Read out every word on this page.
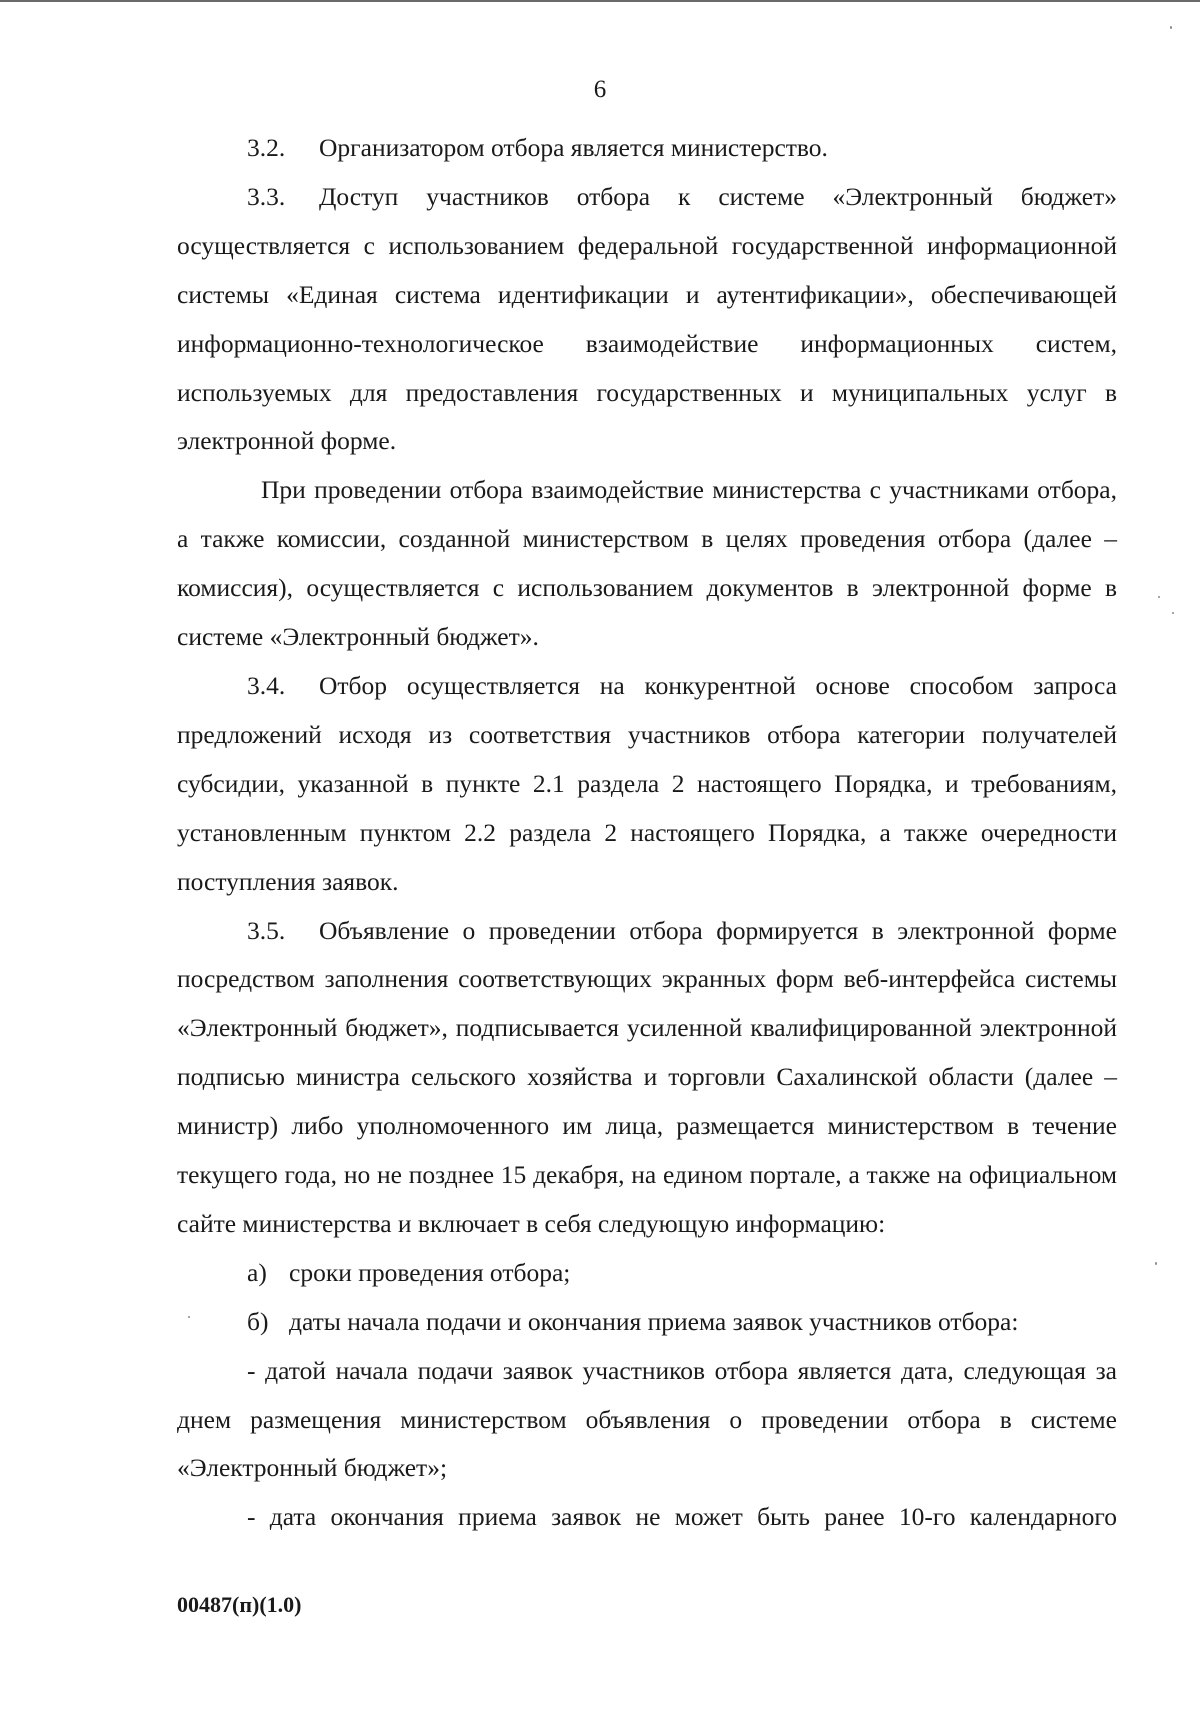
6

3.2. Организатором отбора является министерство.

3.3. Доступ участников отбора к системе «Электронный бюджет» осуществляется с использованием федеральной государственной информационной системы «Единая система идентификации и аутентификации», обеспечивающей информационно-технологическое взаимодействие информационных систем, используемых для предоставления государственных и муниципальных услуг в электронной форме.

При проведении отбора взаимодействие министерства с участниками отбора, а также комиссии, созданной министерством в целях проведения отбора (далее – комиссия), осуществляется с использованием документов в электронной форме в системе «Электронный бюджет».

3.4. Отбор осуществляется на конкурентной основе способом запроса предложений исходя из соответствия участников отбора категории получателей субсидии, указанной в пункте 2.1 раздела 2 настоящего Порядка, и требованиям, установленным пунктом 2.2 раздела 2 настоящего Порядка, а также очередности поступления заявок.

3.5. Объявление о проведении отбора формируется в электронной форме посредством заполнения соответствующих экранных форм веб-интерфейса системы «Электронный бюджет», подписывается усиленной квалифицированной электронной подписью министра сельского хозяйства и торговли Сахалинской области (далее – министр) либо уполномоченного им лица, размещается министерством в течение текущего года, но не позднее 15 декабря, на едином портале, а также на официальном сайте министерства и включает в себя следующую информацию:

а) сроки проведения отбора;

б) даты начала подачи и окончания приема заявок участников отбора:

- датой начала подачи заявок участников отбора является дата, следующая за днем размещения министерством объявления о проведении отбора в системе «Электронный бюджет»;

- дата окончания приема заявок не может быть ранее 10-го календарного

00487(п)(1.0)
